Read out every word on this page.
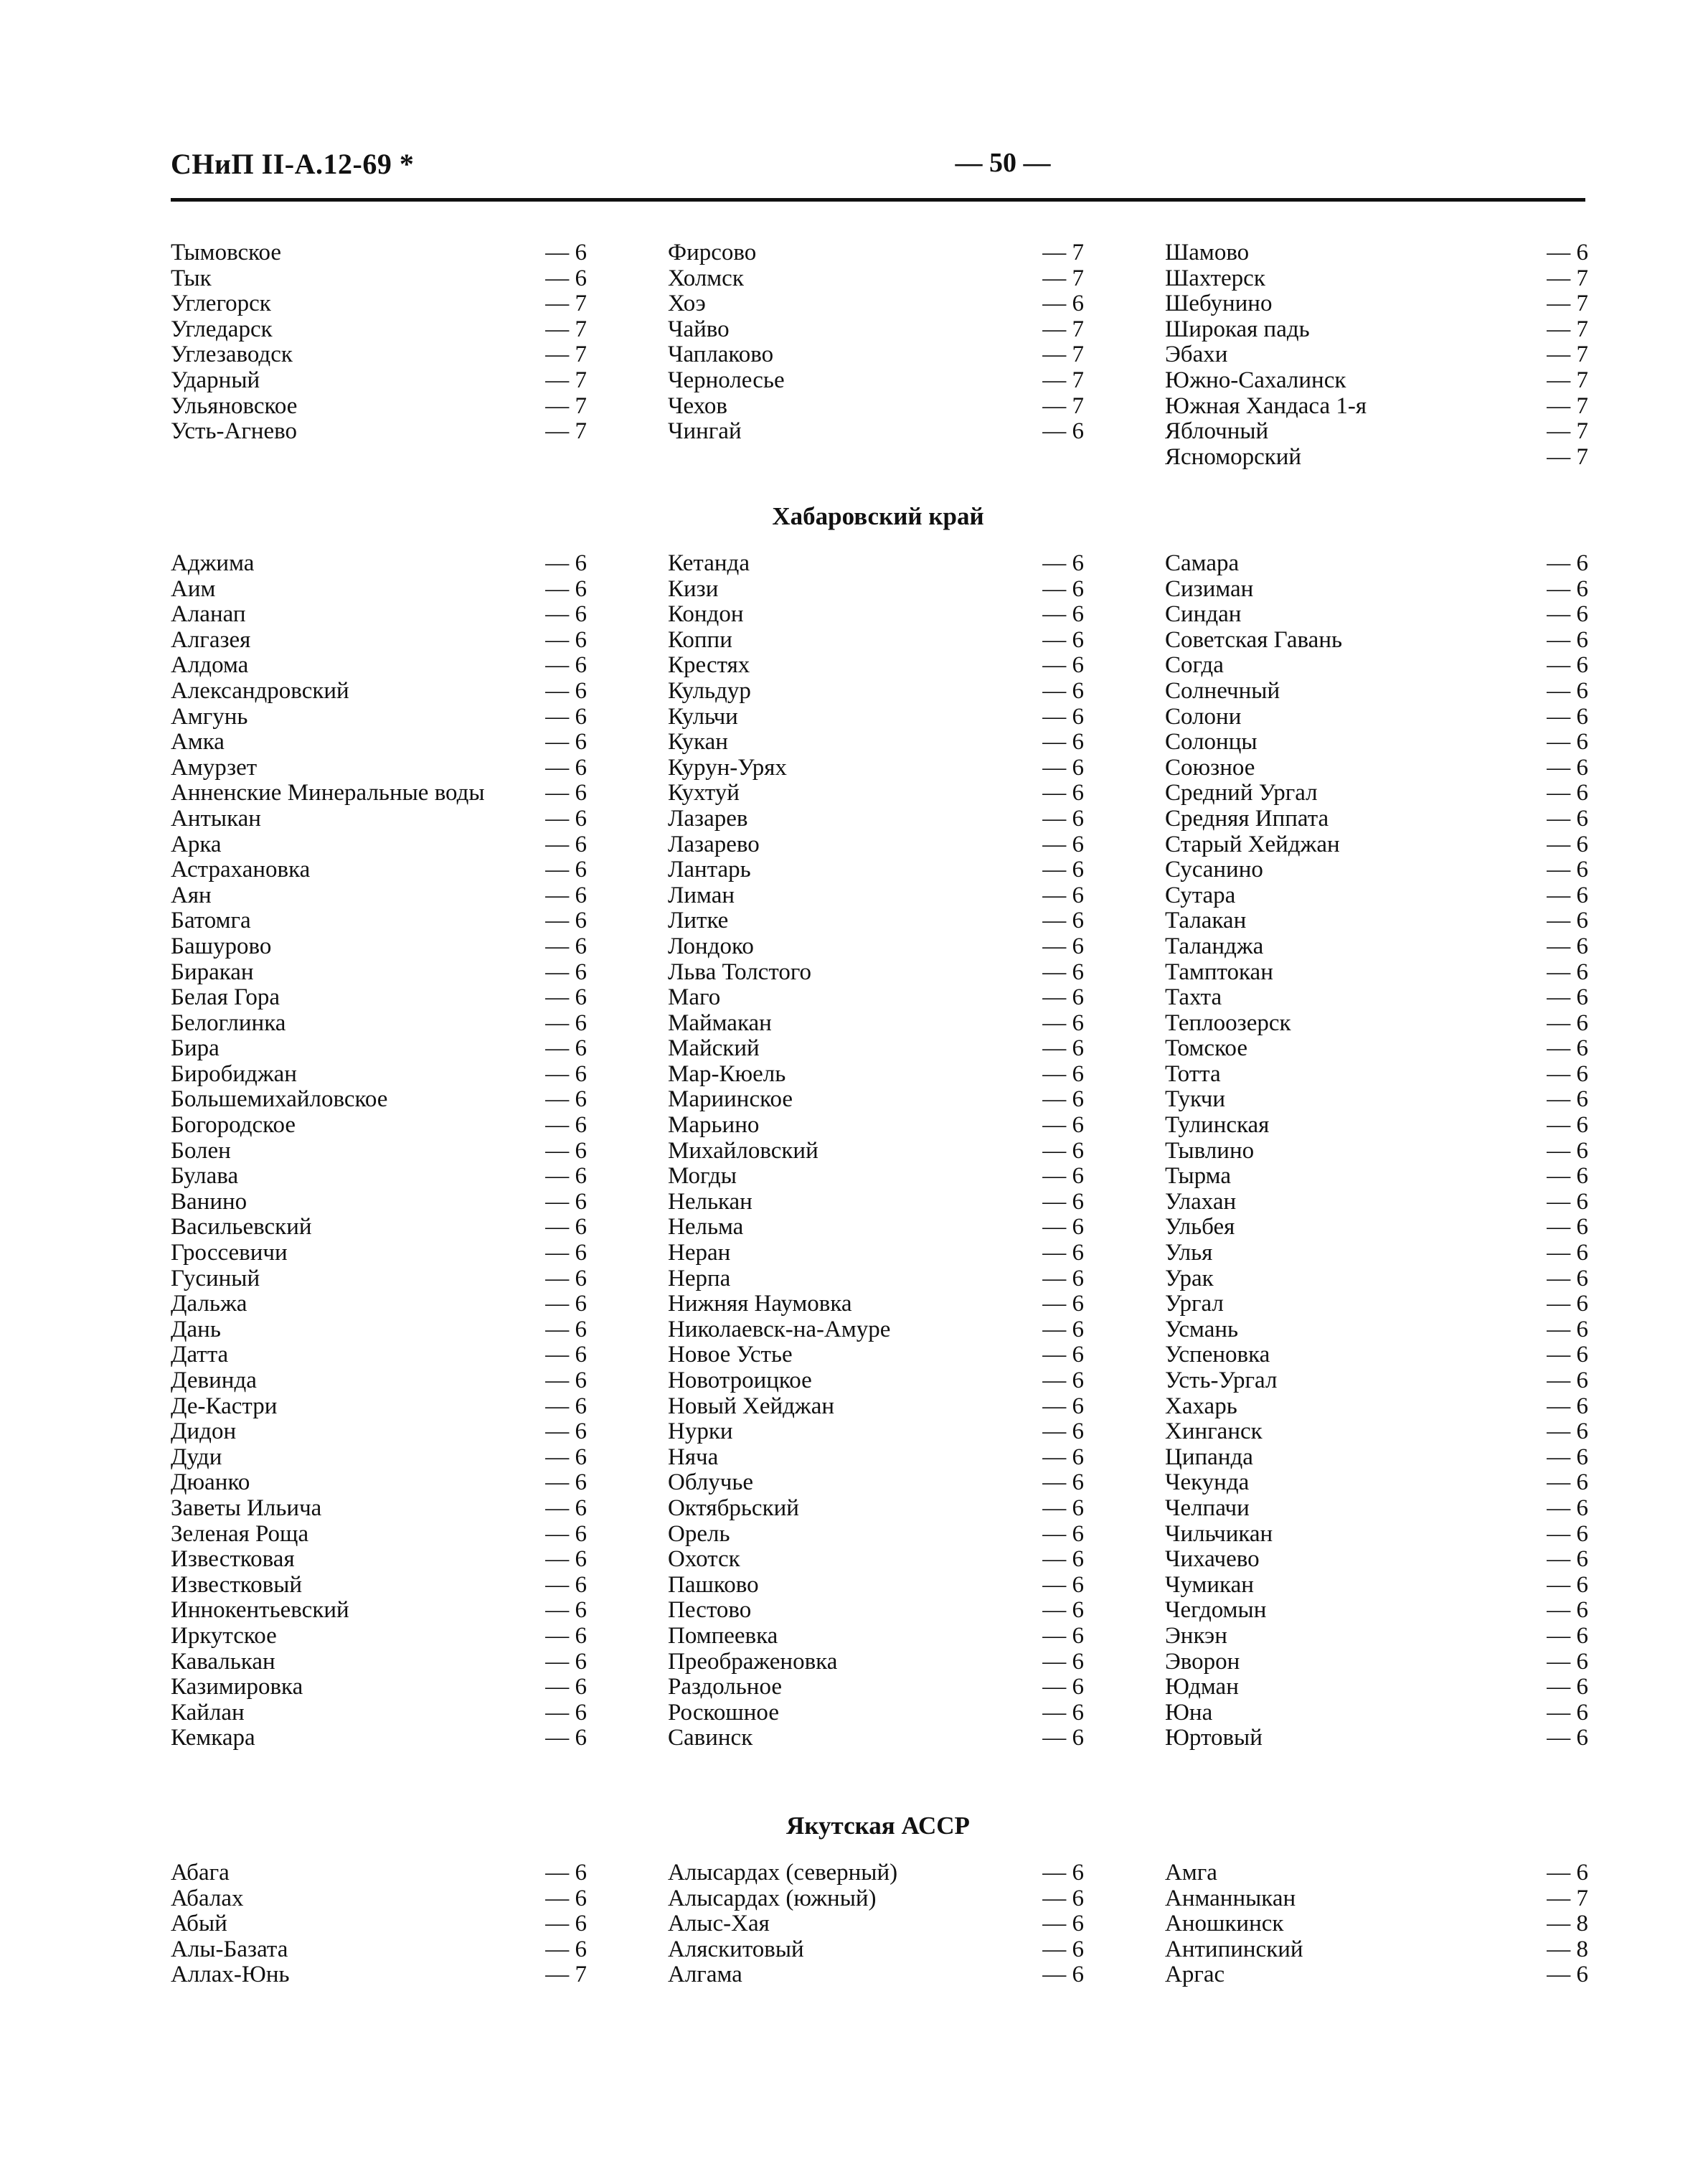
СНиП II-А.12-69 *	— 50 —
Тымовское	— 6
Тык	— 6
Углегорск	— 7
Угледарск	— 7
Углезаводск	— 7
Ударный	— 7
Ульяновское	— 7
Усть-Агнево	— 7
Фирсово	— 7
Холмск	— 7
Хоэ	— 6
Чайво	— 7
Чаплаково	— 7
Чернолесье	— 7
Чехов	— 7
Чингай	— 6
Шамово	— 6
Шахтерск	— 7
Шебунино	— 7
Широкая падь	— 7
Эбахи	— 7
Южно-Сахалинск	— 7
Южная Хандаса 1-я	— 7
Яблочный	— 7
Ясноморский	— 7
Хабаровский край
Аджима	— 6
Аим	— 6
Аланап	— 6
Алгазея	— 6
Алдома	— 6
Александровский	— 6
Амгунь	— 6
Амка	— 6
Амурзет	— 6
Анненские Минеральные воды	— 6
Антыкан	— 6
Арка	— 6
Астрахановка	— 6
Аян	— 6
Батомга	— 6
Башурово	— 6
Биракан	— 6
Белая Гора	— 6
Белоглинка	— 6
Бира	— 6
Биробиджан	— 6
Большемихайловское	— 6
Богородское	— 6
Болен	— 6
Булава	— 6
Ванино	— 6
Васильевский	— 6
Гроссевичи	— 6
Гусиный	— 6
Дальжа	— 6
Дань	— 6
Датта	— 6
Девинда	— 6
Де-Кастри	— 6
Дидон	— 6
Дуди	— 6
Дюанко	— 6
Заветы Ильича	— 6
Зеленая Роща	— 6
Известковая	— 6
Известковый	— 6
Иннокентьевский	— 6
Иркутское	— 6
Кавалькан	— 6
Казимировка	— 6
Кайлан	— 6
Кемкара	— 6
Кетанда	— 6
Кизи	— 6
Кондон	— 6
Коппи	— 6
Крестях	— 6
Кульдур	— 6
Кульчи	— 6
Кукан	— 6
Курун-Урях	— 6
Кухтуй	— 6
Лазарев	— 6
Лазарево	— 6
Лантарь	— 6
Лиман	— 6
Литке	— 6
Лондоко	— 6
Льва Толстого	— 6
Маго	— 6
Маймакан	— 6
Майский	— 6
Мар-Кюель	— 6
Мариинское	— 6
Марьино	— 6
Михайловский	— 6
Могды	— 6
Нелькан	— 6
Нельма	— 6
Неран	— 6
Нерпа	— 6
Нижняя Наумовка	— 6
Николаевск-на-Амуре	— 6
Новое Устье	— 6
Новотроицкое	— 6
Новый Хейджан	— 6
Нурки	— 6
Няча	— 6
Облучье	— 6
Октябрьский	— 6
Орель	— 6
Охотск	— 6
Пашково	— 6
Пестово	— 6
Помпеевка	— 6
Преображеновка	— 6
Раздольное	— 6
Роскошное	— 6
Савинск	— 6
Самара	— 6
Сизиман	— 6
Синдан	— 6
Советская Гавань	— 6
Согда	— 6
Солнечный	— 6
Солони	— 6
Солонцы	— 6
Союзное	— 6
Средний Ургал	— 6
Средняя Иппата	— 6
Старый Хейджан	— 6
Сусанино	— 6
Сутара	— 6
Талакан	— 6
Таланджа	— 6
Тамптокан	— 6
Тахта	— 6
Теплоозерск	— 6
Томское	— 6
Тотта	— 6
Тукчи	— 6
Тулинская	— 6
Тывлино	— 6
Тырма	— 6
Улахан	— 6
Ульбея	— 6
Улья	— 6
Урак	— 6
Ургал	— 6
Усмань	— 6
Успеновка	— 6
Усть-Ургал	— 6
Хахарь	— 6
Хинганск	— 6
Ципанда	— 6
Чекунда	— 6
Челпачи	— 6
Чильчикан	— 6
Чихачево	— 6
Чумикан	— 6
Чегдомын	— 6
Энкэн	— 6
Эворон	— 6
Юдман	— 6
Юна	— 6
Юртовый	— 6
Якутская АССР
Абага	— 6
Абалах	— 6
Абый	— 6
Алы-Базата	— 6
Аллах-Юнь	— 7
Алысардах (северный)	— 6
Алысардах (южный)	— 6
Алыс-Хая	— 6
Аляскитовый	— 6
Алгама	— 6
Амга	— 6
Анманныкан	— 7
Аношкинск	— 8
Антипинский	— 8
Аргас	— 6
